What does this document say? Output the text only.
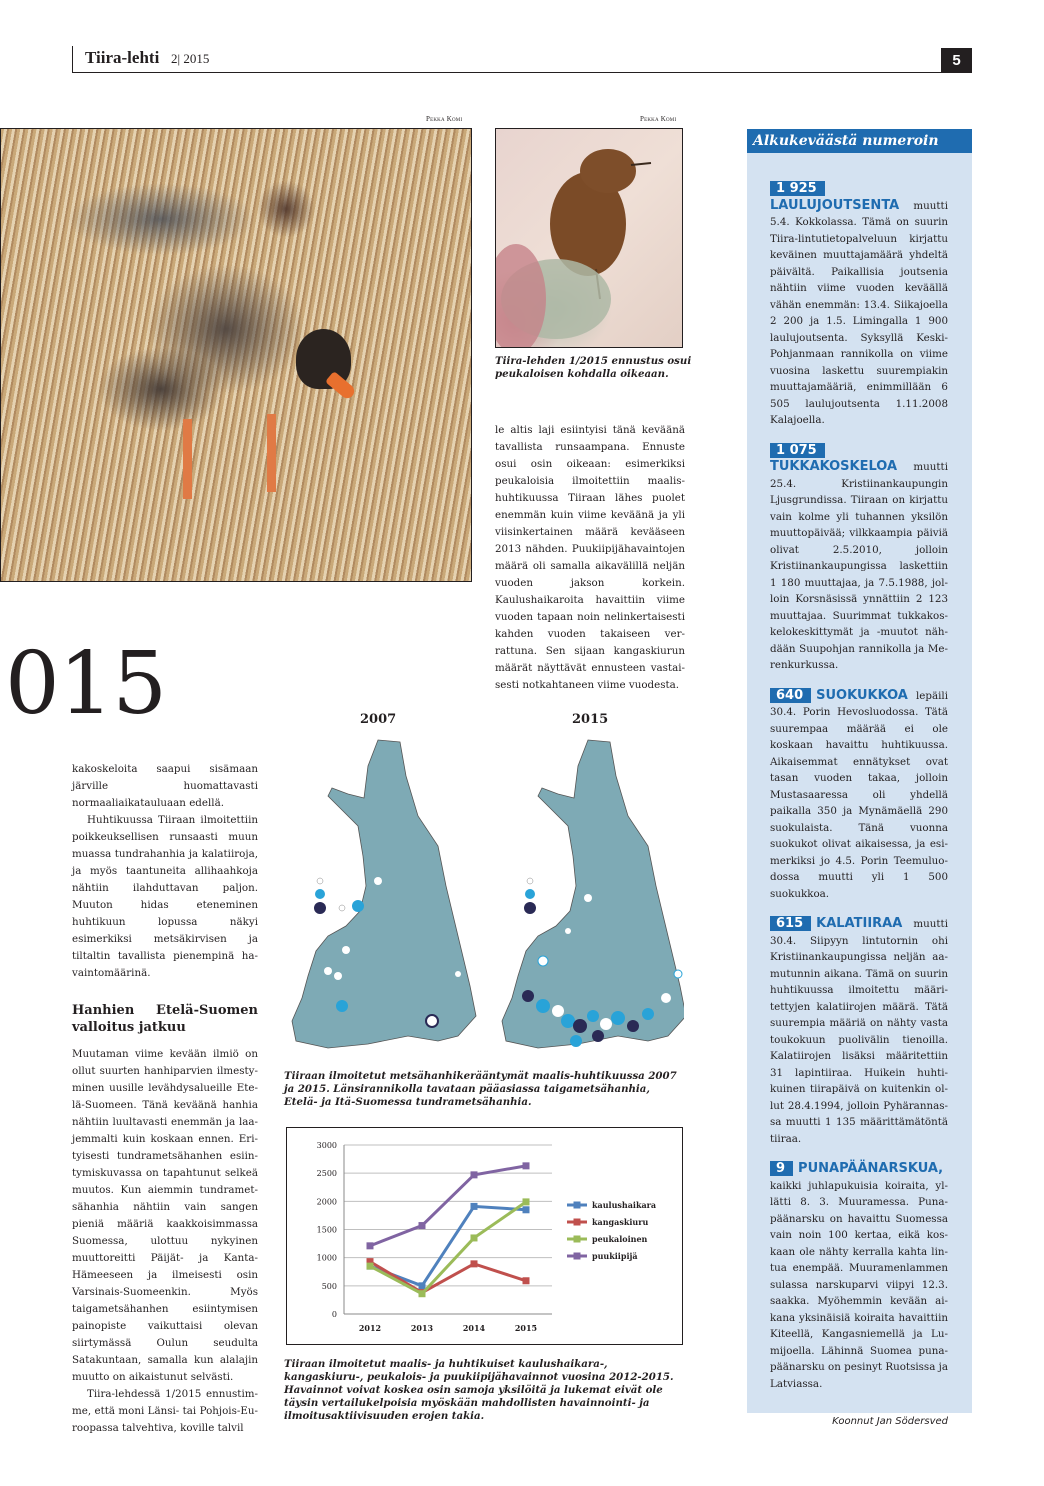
Tiira-lehti 2| 2015	5
Pekka Komi	Pekka Komi
Tiira-lehden 1/2015 ennustus osui peukaloisen kohdalla oikeaan.
015

kakoskeloita saapui sisämaan järville huomattavasti normaaliaikatauluaan edellä.

Huhtikuussa Tiiraan ilmoitettiin poikkeuksellisen runsaasti muun muassa tundrahanhia ja kalatiiroja, ja myös taantuneita allihaahkoja nähtiin ilahduttavan paljon. Muuton hidas eteneminen huhtikuun lopussa näkyi esimerkiksi metsäkirvisen ja tiltaltin tavallista pienempinä havaintomäärinä.

Hanhien Etelä-Suomen valloitus jatkuu

Muutaman viime kevään ilmiö on ollut suurten hanhiparvien ilmestyminen uusille levähdysalueille Etelä-Suomeen. Tänä keväänä hanhia nähtiin luultavasti enemmän ja laajemmalti kuin koskaan ennen. Erityisesti tundrametsähanhen esiintymiskuvassa on tapahtunut selkeä muutos. Kun aiemmin tundrametsähanhia nähtiin vain sangen pieniä määriä kaakkoisimmassa Suomessa, ulottuu nykyinen muuttoreitti Päijät- ja Kanta-Hämeeseen ja ilmeisesti osin Varsinais-Suomeenkin. Myös taigametsähanhen esiintymisen painopiste vaikuttaisi olevan siirtymässä Oulun seudulta Satakuntaan, samalla kun alalajin muutto on aikaistunut selvästi.

Tiira-lehdessä 1/2015 ennustimme, että moni Länsi- tai Pohjois-Euroopassa talvehtiva, koville talvil

le altis laji esiintyisi tänä keväänä tavallista runsaampana. Ennuste osui osin oikeaan: esimerkiksi peukaloisia ilmoitettiin maalis-huhtikuussa Tiiraan lähes puolet enemmän kuin viime keväänä ja yli viisinkertainen määrä kevääseen 2013 nähden. Puukiipijähavaintojen määrä oli samalla aikavälillä neljän vuoden jakson korkein. Kaulushaikaroita havaittiin viime vuoden tapaan noin nelinkertaisesti kahden vuoden takaiseen verrattuna. Sen sijaan kangaskiurun määrät näyttävät ennusteen vastaisesti notkahtaneen viime vuodesta.

2007	2015
Tiiraan ilmoitetut metsähanhikerääntymät maalis-huhtikuussa 2007 ja 2015. Länsirannikolla tavataan pääasiassa taigametsähanhia, Etelä- ja Itä-Suomessa tundrametsähanhia.
0
500
1000
1500
2000
2500
3000
2012	2013	2014	2015
kaulushaikara
kangaskiuru
peukaloinen
puukiipijä
Tiiraan ilmoitetut maalis- ja huhtikuiset kaulushaikara-, kangaskiuru-, peukalois- ja puukiipijähavainnot vuosina 2012-2015. Havainnot voivat koskea osin samoja yksilöitä ja lukemat eivät ole täysin vertailukelpoisia myöskään mahdollisten havainnointi- ja ilmoitusaktiivisuuden erojen takia.
Alkukeväästä numeroin
1 925LAULUJOUTSENTA muutti 5.4. Kokkolassa. Tämä on suurin Tiira-lintutietopalveluun kirjattu keväinen muuttajamäärä yhdeltä päivältä. Paikallisia joutsenia nähtiin viime vuoden keväällä vähän enemmän: 13.4. Siikajoella 2 200 ja 1.5. Limingalla 1 900 laulujoutsenta. Syksyllä Keski-Pohjanmaan rannikolla on viime vuosina laskettu suurempiakin muuttajamääriä, enimmillään 6 505 laulujoutsenta 1.11.2008 Kalajoella.
1 075TUKKAKOSKELOA muutti 25.4. Kristiinankaupungin Ljusgrundissa. Tiiraan on kirjattu vain kolme yli tuhannen yksilön muuttopäivää; vilkkaampia päiviä olivat 2.5.2010, jolloin Kristiinankaupungissa laskettiin 1 180 muuttajaa, ja 7.5.1988, jolloin Korsnäsissä ynnättiin 2 123 muuttajaa. Suurimmat tukkakoskelokeskittymät ja -muutot nähdään Suupohjan rannikolla ja Merenkurkussa.
640 SUOKUKKOA lepäili 30.4. Porin Hevosluodossa. Tätä suurempaa määrää ei ole koskaan havaittu huhtikuussa. Aikaisemmat ennätykset ovat tasan vuoden takaa, jolloin Mustasaaressa oli yhdellä paikalla 350 ja Mynämäellä 290 suokulaista. Tänä vuonna suokukot olivat aikaisessa, ja esimerkiksi jo 4.5. Porin Teemuluodossa muutti yli 1 500 suokukkoa.
615 KALATIIRAA muutti 30.4. Siipyyn lintutornin ohi Kristiinankaupungissa neljän aamutunnin aikana. Tämä on suurin huhtikuussa ilmoitettu määritettyjen kalatiirojen määrä. Tätä suurempia määriä on nähty vasta toukokuun puolivälin tienoilla. Kalatiirojen lisäksi määritettiin 31 lapintiiraa. Huikein huhtikuinen tiirapäivä on kuitenkin ollut 28.4.1994, jolloin Pyhärannassa muutti 1 135 määrittämätöntä tiiraa.
9 PUNAPÄÄNARSKUA, kaikki juhlapukuisia koiraita, yllätti 8. 3. Muuramessa. Punapäänarsku on havaittu Suomessa vain noin 100 kertaa, eikä koskaan ole nähty kerralla kahta lintua enempää. Muuramenlammen sulassa narskuparvi viipyi 12.3. saakka. Myöhemmin kevään aikana yksinäisiä koiraita havaittiin Kiteellä, Kangasniemellä ja Lumijoella. Lähinnä Suomea punapäänarsku on pesinyt Ruotsissa ja Latviassa.
Koonnut Jan Södersved
